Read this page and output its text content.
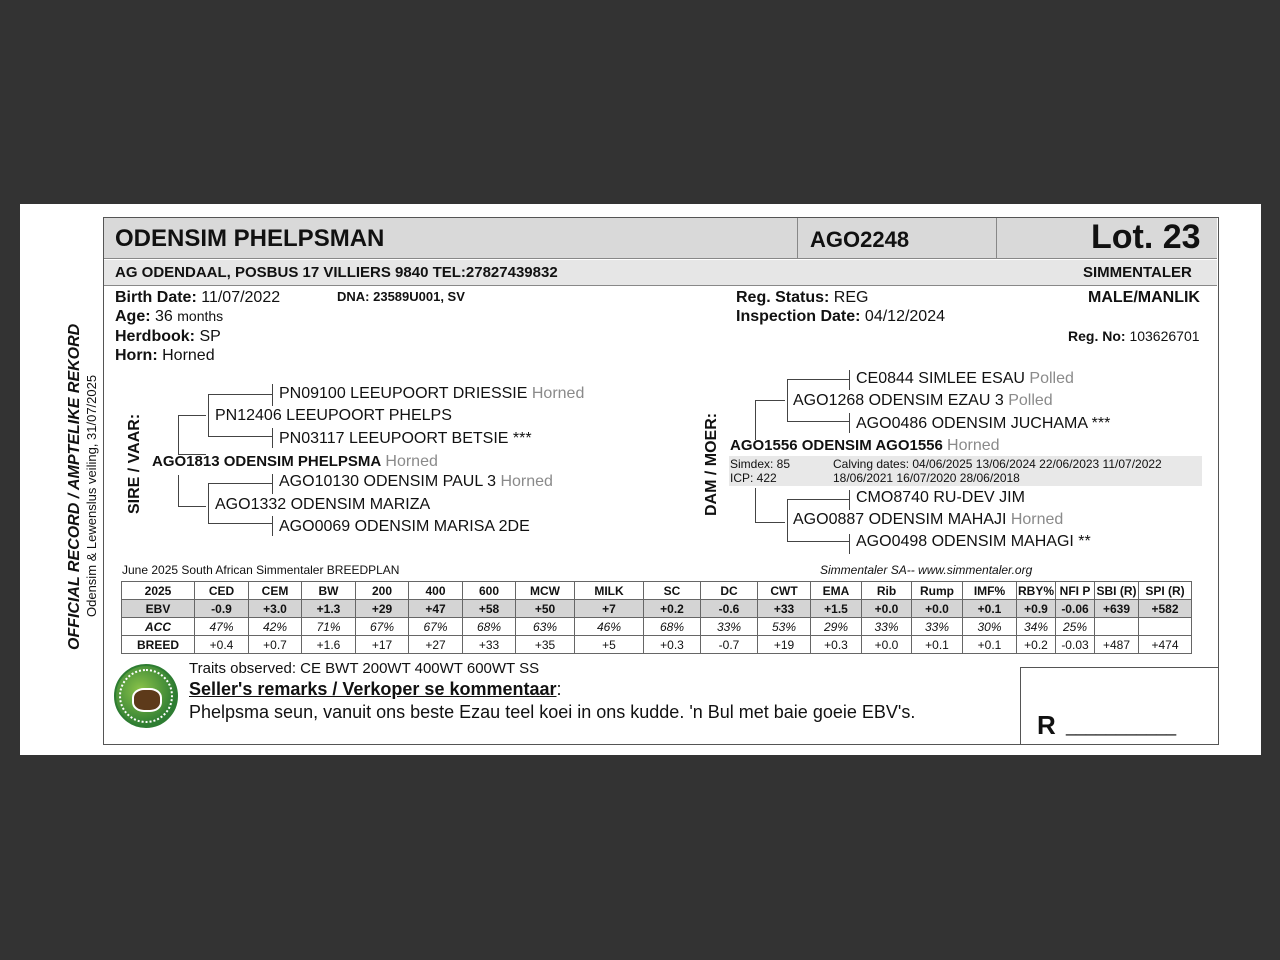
OFFICIAL RECORD / AMPTELIKE REKORD Odensim & Lewenslus veiling, 31/07/2025
ODENSIM PHELPSMAN	AGO2248	Lot. 23
AG ODENDAAL, POSBUS 17 VILLIERS 9840 TEL:27827439832	SIMMENTALER
Birth Date: 11/07/2022	DNA: 23589U001, SV
Age: 36 months
Herdbook: SP
Horn: Horned
Reg. Status: REG
Inspection Date: 04/12/2024
MALE/MANLIK
Reg. No: 103626701
SIRE / VAAR:
PN09100 LEEUPOORT DRIESSIE Horned
PN12406 LEEUPOORT PHELPS
PN03117 LEEUPOORT BETSIE ***
AGO1813 ODENSIM PHELPSMA Horned
AGO10130 ODENSIM PAUL 3 Horned
AGO1332 ODENSIM MARIZA
AGO0069 ODENSIM MARISA 2DE
DAM / MOER:
CE0844 SIMLEE ESAU Polled
AGO1268 ODENSIM EZAU 3 Polled
AGO0486 ODENSIM JUCHAMA ***
AGO1556 ODENSIM AGO1556 Horned
Simdex: 85
ICP: 422
Calving dates: 04/06/2025 13/06/2024 22/06/2023 11/07/2022
18/06/2021 16/07/2020 28/06/2018
CMO8740 RU-DEV JIM
AGO0887 ODENSIM MAHAJI Horned
AGO0498 ODENSIM MAHAGI **
June 2025 South African Simmentaler BREEDPLAN	Simmentaler SA-- www.simmentaler.org
2025	CED	CEM	BW	200	400	600	MCW	MILK	SC	DC	CWT	EMA	Rib	Rump	IMF%	RBY%	NFI P	SBI (R)	SPI (R)
EBV	-0.9	+3.0	+1.3	+29	+47	+58	+50	+7	+0.2	-0.6	+33	+1.5	+0.0	+0.0	+0.1	+0.9	-0.06	+639	+582
ACC	47%	42%	71%	67%	67%	68%	63%	46%	68%	33%	53%	29%	33%	33%	30%	34%	25%		
BREED	+0.4	+0.7	+1.6	+17	+27	+33	+35	+5	+0.3	-0.7	+19	+0.3	+0.0	+0.1	+0.1	+0.2	-0.03	+487	+474
Traits observed: CE BWT 200WT 400WT 600WT SS
Seller's remarks / Verkoper se kommentaar:
Phelpsma seun, vanuit ons beste Ezau teel koei in ons kudde. 'n Bul met baie goeie EBV's.	R ___________
